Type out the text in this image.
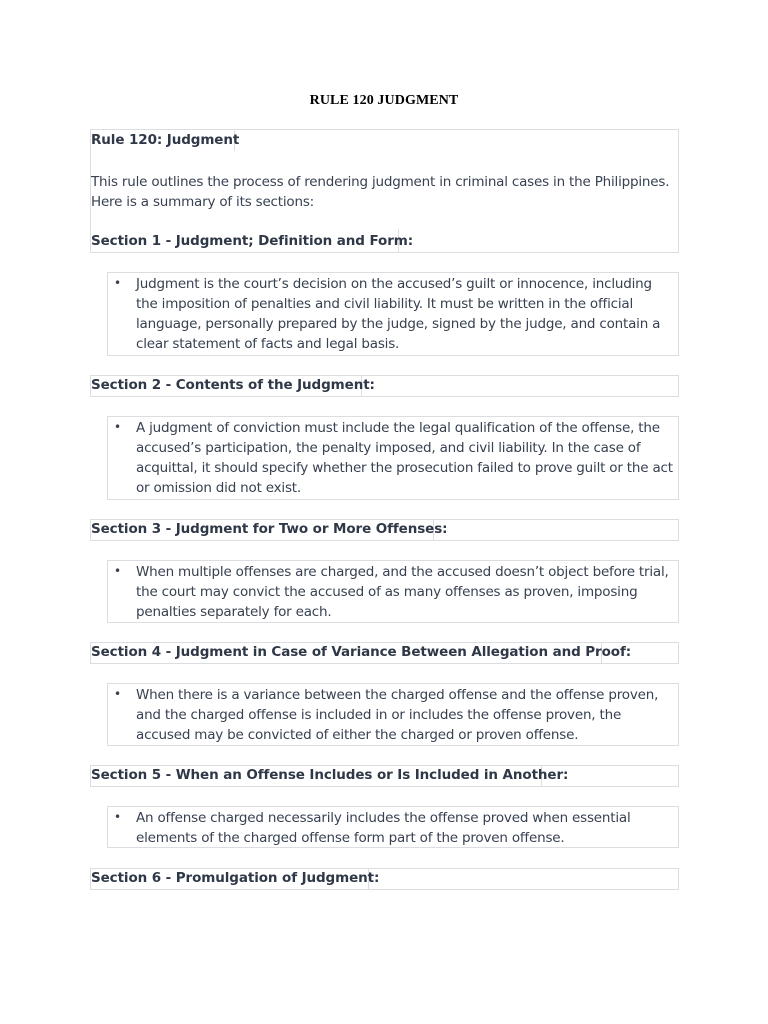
RULE 120 JUDGMENT
Rule 120: Judgment
This rule outlines the process of rendering judgment in criminal cases in the Philippines.
Here is a summary of its sections:
Section 1 - Judgment; Definition and Form:
• Judgment is the court’s decision on the accused’s guilt or innocence, including
the imposition of penalties and civil liability. It must be written in the official
language, personally prepared by the judge, signed by the judge, and contain a
clear statement of facts and legal basis.
Section 2 - Contents of the Judgment:
• A judgment of conviction must include the legal qualification of the offense, the
accused’s participation, the penalty imposed, and civil liability. In the case of
acquittal, it should specify whether the prosecution failed to prove guilt or the act
or omission did not exist.
Section 3 - Judgment for Two or More Offenses:
• When multiple offenses are charged, and the accused doesn’t object before trial,
the court may convict the accused of as many offenses as proven, imposing
penalties separately for each.
Section 4 - Judgment in Case of Variance Between Allegation and Proof:
• When there is a variance between the charged offense and the offense proven,
and the charged offense is included in or includes the offense proven, the
accused may be convicted of either the charged or proven offense.
Section 5 - When an Offense Includes or Is Included in Another:
• An offense charged necessarily includes the offense proved when essential
elements of the charged offense form part of the proven offense.
Section 6 - Promulgation of Judgment:
